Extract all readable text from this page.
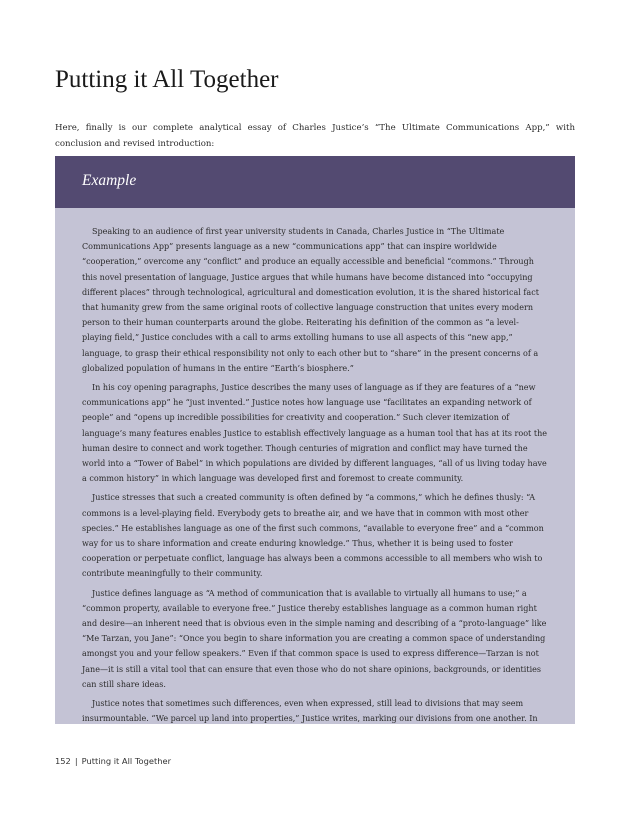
Putting it All Together

Here, finally is our complete analytical essay of Charles Justice’s “The Ultimate Communications App,” with conclusion and revised introduction:

Example

Speaking to an audience of first year university students in Canada, Charles Justice in “The Ultimate Communications App” presents language as a new “communications app” that can inspire worldwide “cooperation,” overcome any “conflict” and produce an equally accessible and beneficial “commons.” Through this novel presentation of language, Justice argues that while humans have become distanced into “occupying different places” through technological, agricultural and domestication evolution, it is the shared historical fact that humanity grew from the same original roots of collective language construction that unites every modern person to their human counterparts around the globe. Reiterating his definition of the common as “a level-playing field,” Justice concludes with a call to arms extolling humans to use all aspects of this “new app,” language, to grasp their ethical responsibility not only to each other but to “share” in the present concerns of a globalized population of humans in the entire “Earth’s biosphere.”

In his coy opening paragraphs, Justice describes the many uses of language as if they are features of a “new communications app” he “just invented.” Justice notes how language use “facilitates an expanding network of people” and “opens up incredible possibilities for creativity and cooperation.” Such clever itemization of language’s many features enables Justice to establish effectively language as a human tool that has at its root the human desire to connect and work together. Though centuries of migration and conflict may have turned the world into a “Tower of Babel” in which populations are divided by different languages, “all of us living today have a common history” in which language was developed first and foremost to create community.

Justice stresses that such a created community is often defined by “a commons,” which he defines thusly: “A commons is a level-playing field. Everybody gets to breathe air, and we have that in common with most other species.” He establishes language as one of the first such commons, “available to everyone free” and a “common way for us to share information and create enduring knowledge.” Thus, whether it is being used to foster cooperation or perpetuate conflict, language has always been a commons accessible to all members who wish to contribute meaningfully to their community.

Justice defines language as “A method of communication that is available to virtually all humans to use;” a “common property, available to everyone free.” Justice thereby establishes language as a common human right and desire—an inherent need that is obvious even in the simple naming and describing of a “proto-language” like “Me Tarzan, you Jane”: “Once you begin to share information you are creating a common space of understanding amongst you and your fellow speakers.” Even if that common space is used to express difference—Tarzan is not Jane—it is still a vital tool that can ensure that even those who do not share opinions, backgrounds, or identities can still share ideas.

Justice notes that sometimes such differences, even when expressed, still lead to divisions that may seem insurmountable. “We parcel up land into properties,” Justice writes, marking our divisions from one another. In

152 | Putting it All Together
